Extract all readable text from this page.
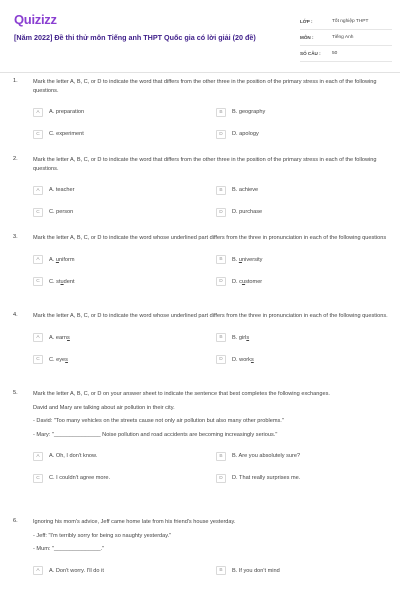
Quizizz
[Năm 2022] Đề thi thử môn Tiếng anh THPT Quốc gia có lời giải (20 đề)
LỚP :	Tốt nghiệp THPT
MÔN :	Tiếng Anh
SỐ CÂU :	50
1.	Mark the letter A, B, C, or D to indicate the word that differs from the other three in the position of the primary stress in each of the following questions.
A	A. preparation	B	B. geography
C	C. experiment	D	D. apology
2.	Mark the letter A, B, C, or D to indicate the word that differs from the other three in the position of the primary stress in each of the following questions.
A	A. teacher	B	B. achieve
C	C. person	D	D. purchase
3.	Mark the letter A, B, C, or D to indicate the word whose underlined part differs from the three in pronunciation in each of the following questions
A	A. uniform	B	B. university
C	C. student	D	D. customer
4.	Mark the letter A, B, C, or D to indicate the word whose underlined part differs from the three in pronunciation in each of the following questions.
A	A. earns	B	B. girls
C	C. eyes	D	D. works
5.	Mark the letter A, B, C, or D on your answer sheet to indicate the sentence that best completes the following exchanges.
David and Mary are talking about air pollution in their city.
- David: "Too many vehicles on the streets cause not only air pollution but also many other problems."
- Mary: "_______________ Noise pollution and road accidents are becoming increasingly serious."
A	A. Oh, I don't know.	B	B. Are you absolutely sure?
C	C. I couldn't agree more.	D	D. That really surprises me.
6.	Ignoring his mom's advice, Jeff came home late from his friend's house yesterday.
- Jeff: "I'm terribly sorry for being so naughty yesterday."
- Mum: "_______________."
A	A. Don't worry. I'll do it	B	B. If you don't mind
